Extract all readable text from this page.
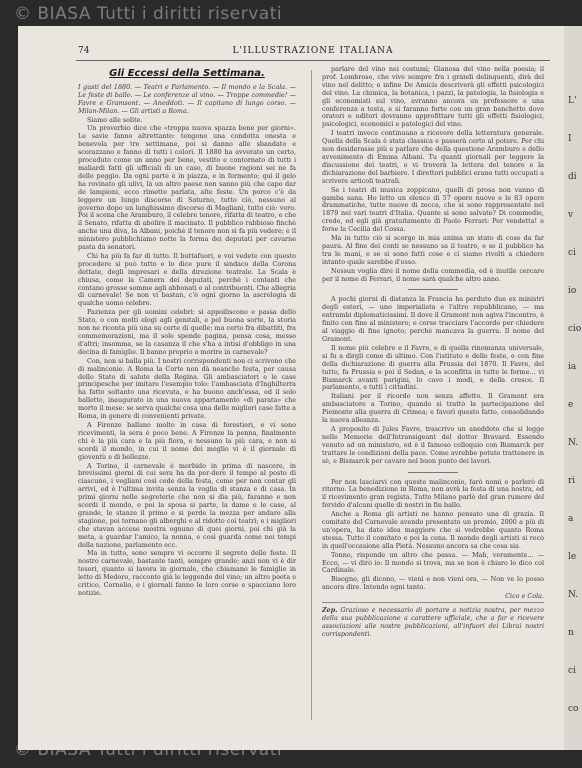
© BIASA Tutti i diritti riservati
74	L'ILLUSTRAZIONE ITALIANA
Gli Eccessi della Settimana.

I gusti del 1880. — Teatri e Parlamento. — Il mondo e la Scala. — Le feste di ballo. — Le conferenze al vino. — Troppe commedie! — Favre e Gramsont. — Aneddoti. — Il capitano di lungo corso. — Milan-Milan. — Gli artisti a Roma.

Siamo alle solite.

Un proverbio dice che «troppa nuova spazza bene per giorni». Le savie fanno altrettanto: tengono una condotta onesta e benevola per tre settimane, poi si danno alle sbandato e scorazzano e fanno di tutti i colori. Il 1880 ha avverato un certo, proceduto come un anno per bene, vestito e contornato di tutti i maliardi fatti gli ufficiali di un caso, di buone ragioni sei ne fa delle peggio. Da ogni parte è in piazza, e in fermento; qui il gelo ha rovinato gli ulivi, là un altro paese non sanno più che capo dar de lampioni, ecco rimette parlata, alte feste. Un porco c'è da leggere un lungo discorso di Saturno, tutto ciò, nessuno al governo dopo un lunghissimo discorso di Magliani, tutto ciò: vero. Poi il scena che Aramburo, il celebre tenore, rifatta di teatro, e che il Senato, rifatta di abolire il macinato. Il pubblico rabbioso finchè anche una diva, la Albani, poichè il tenore non si fa più vedere; e il ministero pubblichiamo notte la forma dei deputati per cavarne pasta da senatori.

Chi ha più fa far di tutto. Il buttafuori, e voi vedete con questo procedere si può tutto e lo dice pure il sindaco della Corona dettate, degli impresari e della direzione teatrale. La Scala è chiusa, come la Camera dei deputati, perchè i contanti che contano grosse somme agli abbonati e al contribuenti. Che allegria di carnevale! Se non vi bastan, c'è ogni giorno la ascrologia di qualche uomo celebre.

Pazienza per gli uomini celebri: si appoiliscono e passa dello Stato, o con molti elogi agli genitali, e pel buona sorte, la storia non ne riconta più una su certe di quelle; ma certo fra dibattiti, fra commemorazioni, ma il sole spende pagina, pensa cosa, messo d'altri; insomma, se la casanza il che s'ha a intisi d'obbligo in una decina di famiglie. Il banno proprio a morire in carnevale?

Con, non si balla più. I nostri corrispondenti non ci scrivono che di malinconie. A Roma la Corte non dà neanche festa, per causa dello Stato di salute della Regina. Gli ambasciatori e le case principesche per imitare l'esempio tolo: l'ambasciata d'Inghilterra ha fatto soltanto una ricevuta, e ha buono anch'essa, ed il solo balletto, inaugurato in una nuova appartamento «di parata» che morto il mese: se serva qualche cosa una delle migliori case fatte a Roma, in genere di convenienti private.

A Firenze ballano molto in casa di forestieri, e vi sono ricevimenti, la sera è poco bene. A Firenze la penna, finalmente chi è la più cara e la più fiera, e nessuno la più cara, e non si scordi il mondo, in cui il nome dei meglio vi è il giornale di gioventù e di bellezze.

A Torino, il carnevale è morbido in prima di nascere, in brevissimi giorni di cui sera ha da per-dere il tempo al posto di ciascuno, i vegliani così cede della festa, come per non contar gli arrivi, ed è l'ultima invita senza la voglia di stanza e di casa. In primi giorni nelle segreterie che non si dia più, faranno e non scordi il mondo, e poi la sposa si parte, la dame e le case, al grande, le stanze il primo e si perde la mezza per andare alla stagione, poi tornano gli alberghi e al ridotto coi teatri; e i migliori che stavan accese mostra ognuno di quei giorni, poi chi già la meta, a guardar l'amico, la nonna, e così guarda come nei tempi della nazione, parlamento ecc.

Ma in tutto, sono sempre vi occorre il segreto delle feste. Il nostro carnevale, bastante tanti, sempre grande; anzi non vi è dir tesori, quanto si lavora in giornale, che chiamano le famiglie in letto di Medoro, racconto già le leggende del vino; un altro poeta e critico, Cornelio, e i giornali fanno le loro corse e spacciano loro notizie.

parlare del vino nei costumi; Gianosa del vino nella poesia; il prof. Lombroso, che vive sempre fra i grandi delinquenti, dirà del vino nel delitto; e infine De Amicis descriverà gli effetti psicologici del vino. La chimica, la botanica, i pazzi, la patologia, la fisiologia e gli economisti sul vino, avranno ancora un professore e una conferenza a testa, e si faranno forte con un gran banchetto dove oratori e uditori dovranno approfittare tutti gli effetti fisiologici, psicologici, economici e patologici del vino.

I teatri invece continuano a ricevere della letteratura generale. Quella della Scala è stata classica e passerà certo al potere. Per chi non desiderasse più e parlare che della questione Aramburo e dello avvenimento di Emma Albani. Tu quanti giornali per leggere la discussione dei teatri, e vi troverà la lettera del tenore e la dichiarazione del barbiere. I direttori pubblici erano tutti occupati a scrivere articoli teatrali.

Se i teatri di musica zoppicano, quelli di prosa non vanno di gamba sana. Ho letto un elenco di 57 opere nuove e le 83 opere drammatiche, tutte nuove di zecca, che si sono rappresentate nel 1879 nei vari teatri d'Italia. Quante si sono salvate? Di commedie, credo, ed egli già gratuitamente di Paolo Ferrari: Per vendetta! e forse la Cecilia del Cossa.

Ma in tutto ciò si scorge in mia anima un stato di cose da far paura. Al fine dei conti se nessuno sa il teatro, e se il pubblico ha tra le mani, e se si sono fatti cose e ci siamo rivolti a chiedere intanto quale sarebbe d'esso.

Nessun voglia dire il nome della commedia, ed è inutile cercare per il nome di Ferrari, il nome sarà qualche altro anno.

A pochi giorni di distanza la Francia ha perduto due ex ministri degli esteri, — uno imperialista e l'altro repubblicano, — ma entrambi diplomaticissimi. Il dove il Gramont non agiva l'incontro, è finito con fine al ministero; e corse tracciare l'accordo per chiedere al viaggio di fine ignoto; perchè mancava la guerra. Il nome del Gramont.

Il nome più celebre e il Favre, e di quella rinomanza universale, si fu a dirgli come di ultimo. Con l'istituto e delle feste, e con fine della dichiarazione di guerra alla Prussia del 1870. Il Favre, del tutto, fa Prussia e poi il Sedan, e la sconfitta in tutte le forme... vi Bismarck avanti parigini, lo cavo i modi, e della cresce. Il parlamento, e tutti i cittadini.

Italiani per il ricordo non senza affetto. Il Gramont era ambasciatore a Torino, quando si trattò la partecipazione del Piemonte alla guerra di Crimea; e favorì questo fatto, consolidando la nuova alleanza.

A proposito di Jules Favre, trascrivo un aneddoto che si legge nelle Memorie dell'Intransigeant del dottor Bravard. Essendo venuto ad un ministero, ed è il famoso colloquio con Bismarck per trattare le condizioni della pace. Come avrebbe potuto trattenere in sè, e Bismarck per cavare nel buon punto dei lavori.

Per non lasciarvi con queste malinconie, farò nomi e parlerò di ritorno. La benedizione in Roma, non avrà la festa di una nostra, ed il ricevimento gran regista. Tutto Milano parlò del gran rumore del fervido d'alcuni quelle di nostri in fin ballo.

Anche a Roma gli artisti ne hanno pensato una di grazia. Il comitato del Carnevale avendo presentato un premio, 2000 a più di un'opera, ha dato idea maggiore che si vedrebbe quanto Roma stessa. Tutto il comitato e poi la cena. Il mondo degli artisti si recò in quell'occasione alla Pietà. Nessuno ancora sa che cosa sia.

Tonno, risponde un altro che passa. — Mah, veramente... — Ecco, — vi dirò io: Il mondo si trova, ma se non è chiaro lo dico col Cardinale.

Bisogno, gli dicono, — vieni e non vieni ora, — Non ve lo posso ancora dire. Intendo ogni tanto.

Cico e Cola.

Zep. Grazioso e necessario di portare a notizia nostra, per mezzo della sua pubblicazione a carattere ufficiale, che a far e ricevere associazioni alle nostre pubblicazioni, all'infuori dei Librai nostri corrispondenti.

L'
I
di
v
ci
io
cio
ia
e
N.
ri
a
le
N.
n
ci
co
© BIASA Tutti i diritti riservati
